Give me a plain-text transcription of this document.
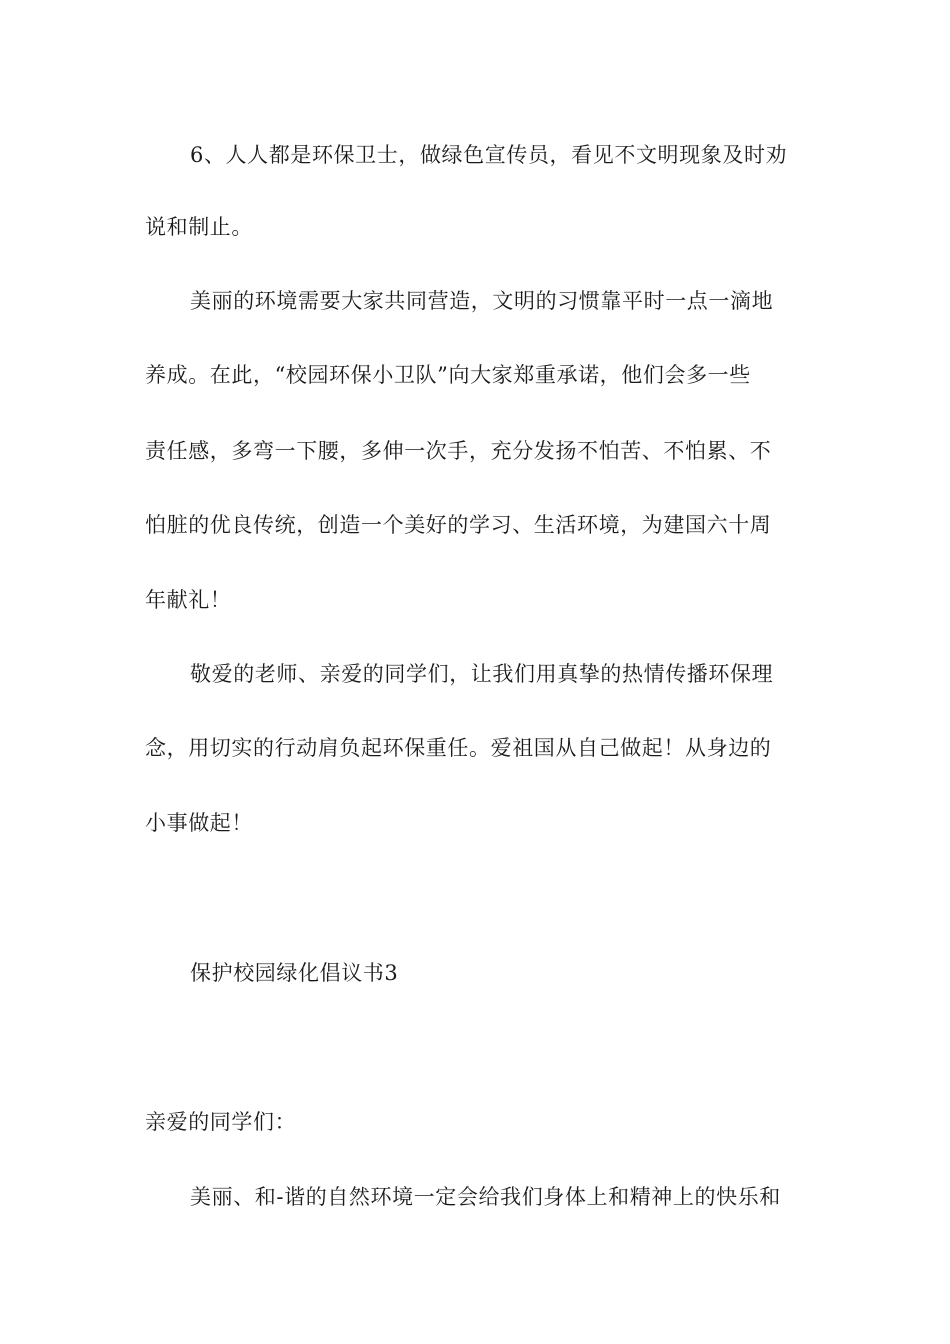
6、人人都是环保卫士，做绿色宣传员，看见不文明现象及时劝
说和制止。
美丽的环境需要大家共同营造，文明的习惯靠平时一点一滴地
养成。在此，“校园环保小卫队”向大家郑重承诺，他们会多一些
责任感，多弯一下腰，多伸一次手，充分发扬不怕苦、不怕累、不
怕脏的优良传统，创造一个美好的学习、生活环境，为建国六十周
年献礼！
敬爱的老师、亲爱的同学们，让我们用真挚的热情传播环保理
念，用切实的行动肩负起环保重任。爱祖国从自己做起！从身边的
小事做起！
保护校园绿化倡议书3
亲爱的同学们：
美丽、和-谐的自然环境一定会给我们身体上和精神上的快乐和
